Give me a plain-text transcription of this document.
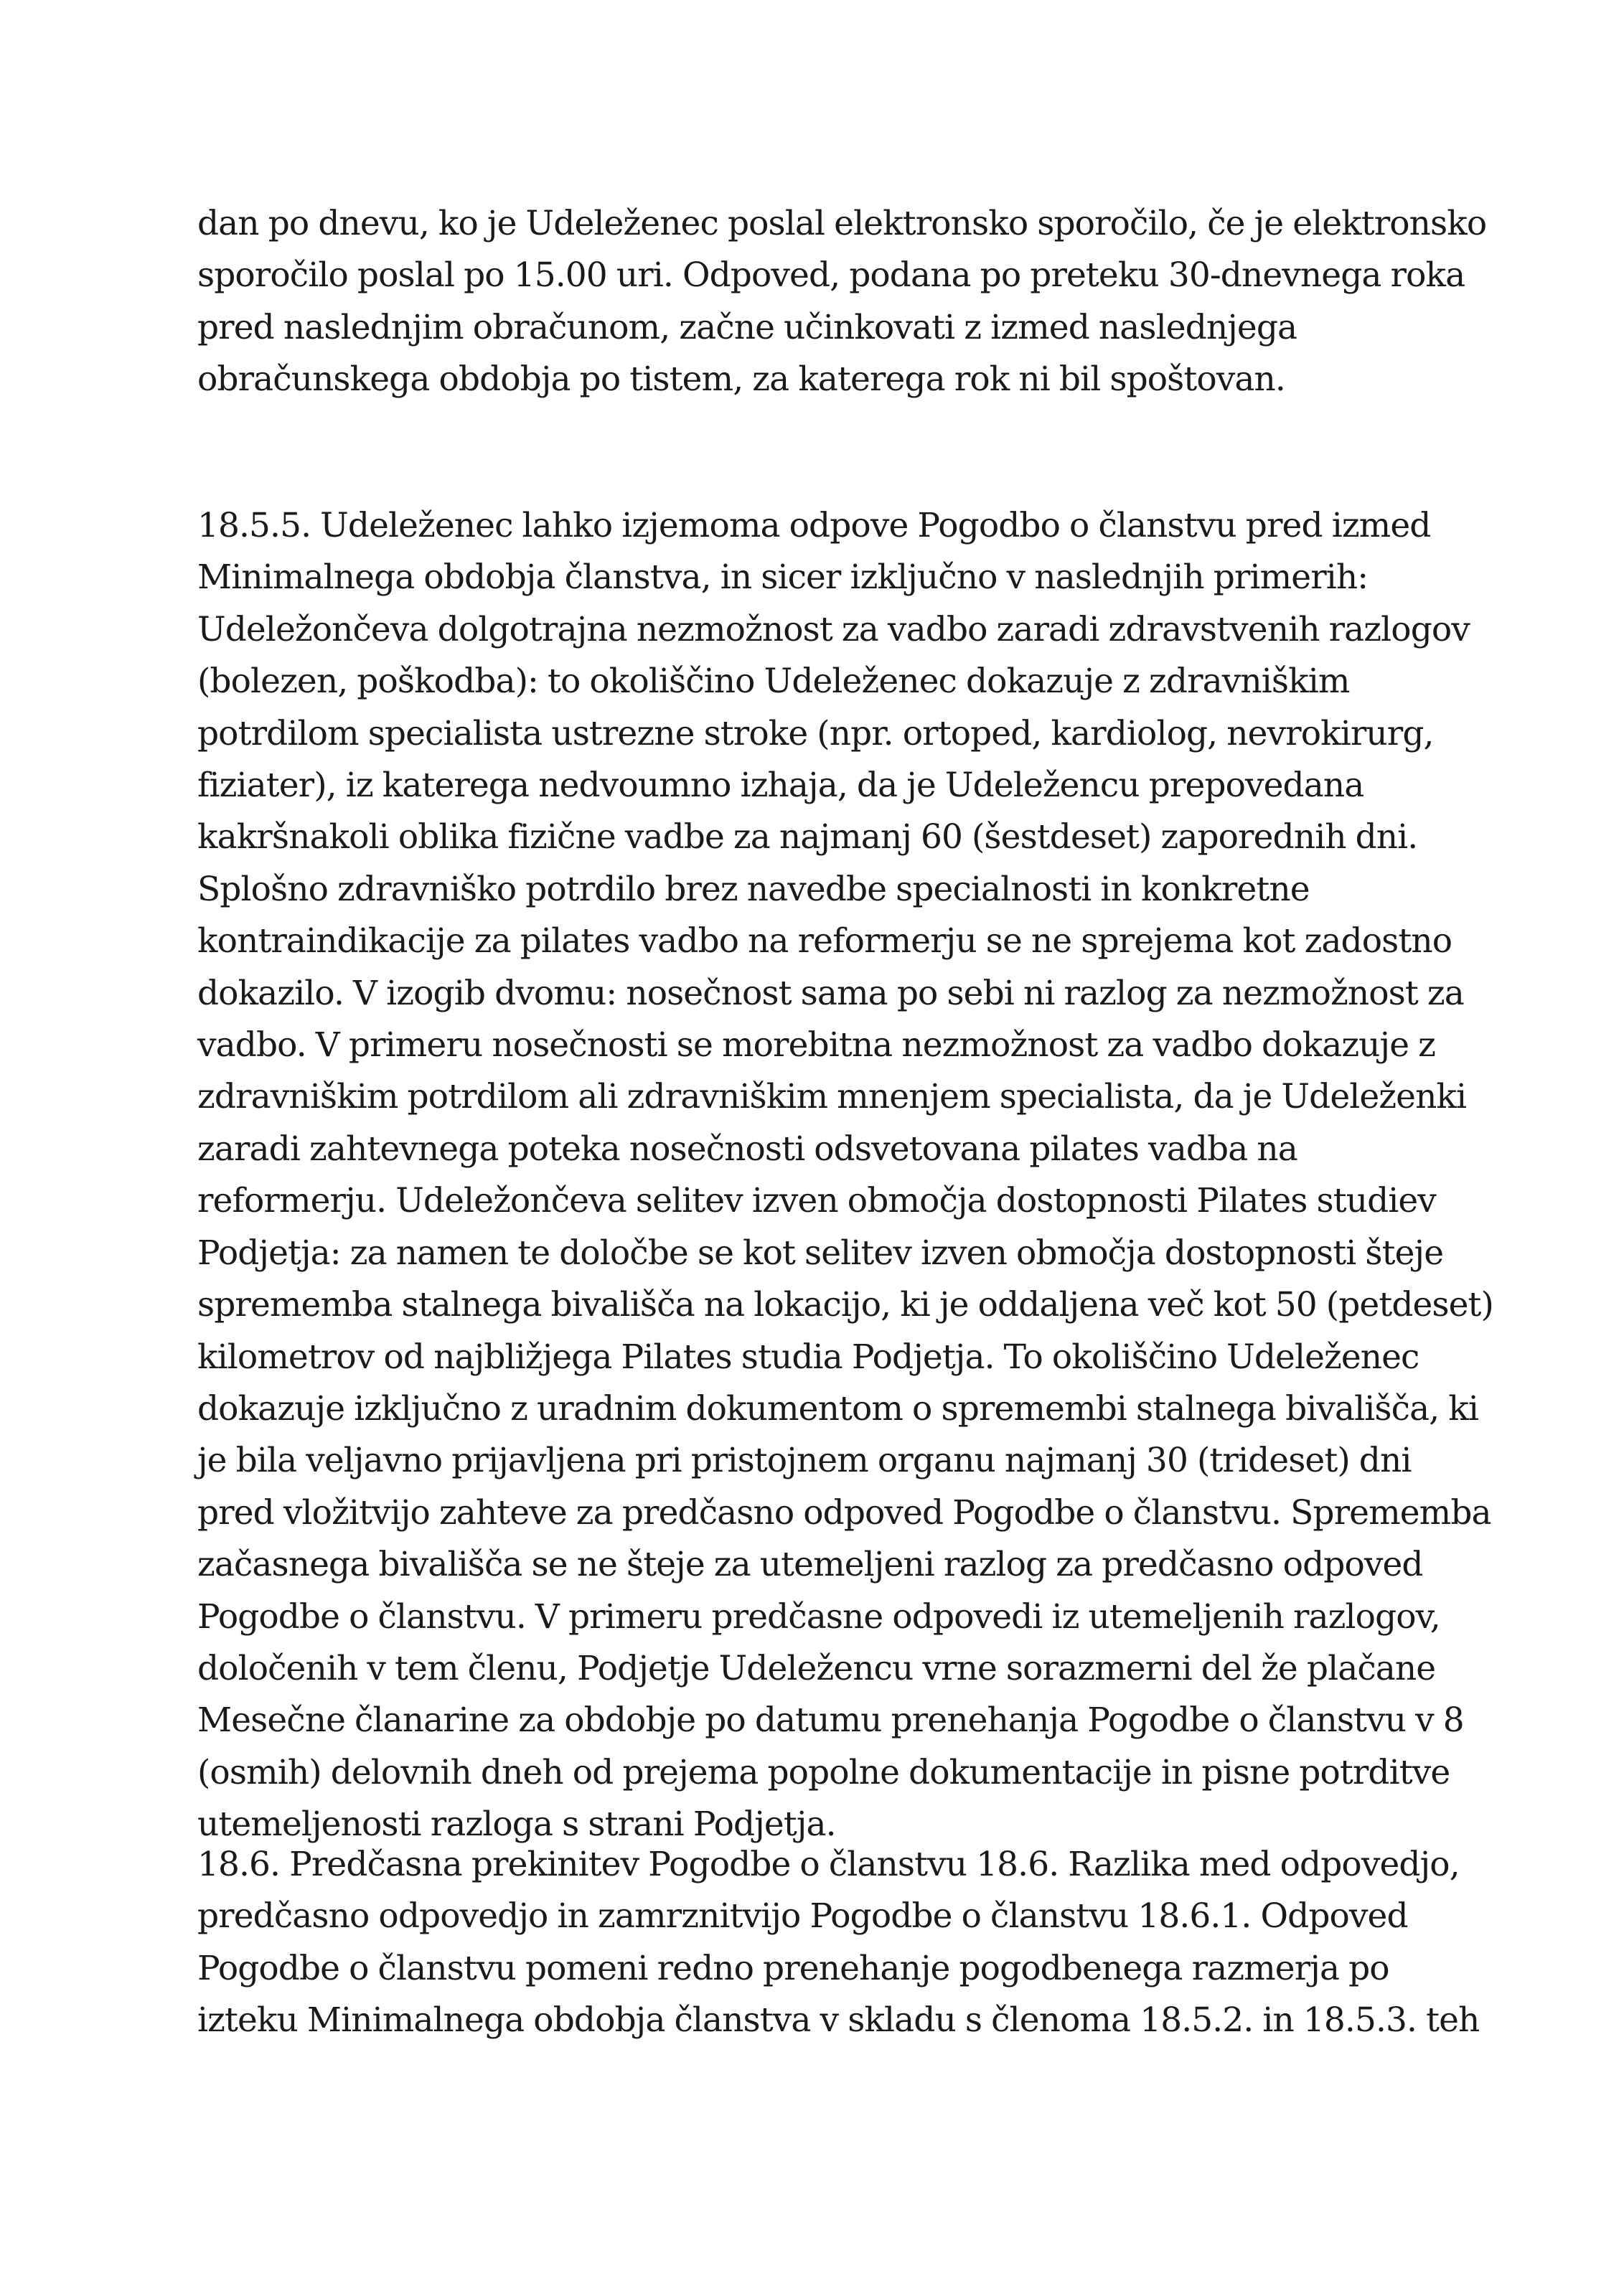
dan po dnevu, ko je Udeleženec poslal elektronsko sporočilo, če je elektronsko
sporočilo poslal po 15.00 uri. Odpoved, podana po preteku 30-dnevnega roka
pred naslednjim obračunom, začne učinkovati z izmed naslednjega
obračunskega obdobja po tistem, za katerega rok ni bil spoštovan.

18.5.5. Udeleženec lahko izjemoma odpove Pogodbo o članstvu pred izmed
Minimalnega obdobja članstva, in sicer izključno v naslednjih primerih:
Udeležončeva dolgotrajna nezmožnost za vadbo zaradi zdravstvenih razlogov
(bolezen, poškodba): to okoliščino Udeleženec dokazuje z zdravniškim
potrdilom specialista ustrezne stroke (npr. ortoped, kardiolog, nevrokirurg,
fiziater), iz katerega nedvoumno izhaja, da je Udeležencu prepovedana
kakršnakoli oblika fizične vadbe za najmanj 60 (šestdeset) zaporednih dni.
Splošno zdravniško potrdilo brez navedbe specialnosti in konkretne
kontraindikacije za pilates vadbo na reformerju se ne sprejema kot zadostno
dokazilo. V izogib dvomu: nosečnost sama po sebi ni razlog za nezmožnost za
vadbo. V primeru nosečnosti se morebitna nezmožnost za vadbo dokazuje z
zdravniškim potrdilom ali zdravniškim mnenjem specialista, da je Udeleženki
zaradi zahtevnega poteka nosečnosti odsvetovana pilates vadba na
reformerju. Udeležončeva selitev izven območja dostopnosti Pilates studiev
Podjetja: za namen te določbe se kot selitev izven območja dostopnosti šteje
sprememba stalnega bivališča na lokacijo, ki je oddaljena več kot 50 (petdeset)
kilometrov od najbližjega Pilates studia Podjetja. To okoliščino Udeleženec
dokazuje izključno z uradnim dokumentom o spremembi stalnega bivališča, ki
je bila veljavno prijavljena pri pristojnem organu najmanj 30 (trideset) dni
pred vložitvijo zahteve za predčasno odpoved Pogodbe o članstvu. Sprememba
začasnega bivališča se ne šteje za utemeljeni razlog za predčasno odpoved
Pogodbe o članstvu. V primeru predčasne odpovedi iz utemeljenih razlogov,
določenih v tem členu, Podjetje Udeležencu vrne sorazmerni del že plačane
Mesečne članarine za obdobje po datumu prenehanja Pogodbe o članstvu v 8
(osmih) delovnih dneh od prejema popolne dokumentacije in pisne potrditve
utemeljenosti razloga s strani Podjetja.

18.6. Predčasna prekinitev Pogodbe o članstvu 18.6. Razlika med odpovedjo,
predčasno odpovedjo in zamrznitvijo Pogodbe o članstvu 18.6.1. Odpoved
Pogodbe o članstvu pomeni redno prenehanje pogodbenega razmerja po
izteku Minimalnega obdobja članstva v skladu s členoma 18.5.2. in 18.5.3. teh
